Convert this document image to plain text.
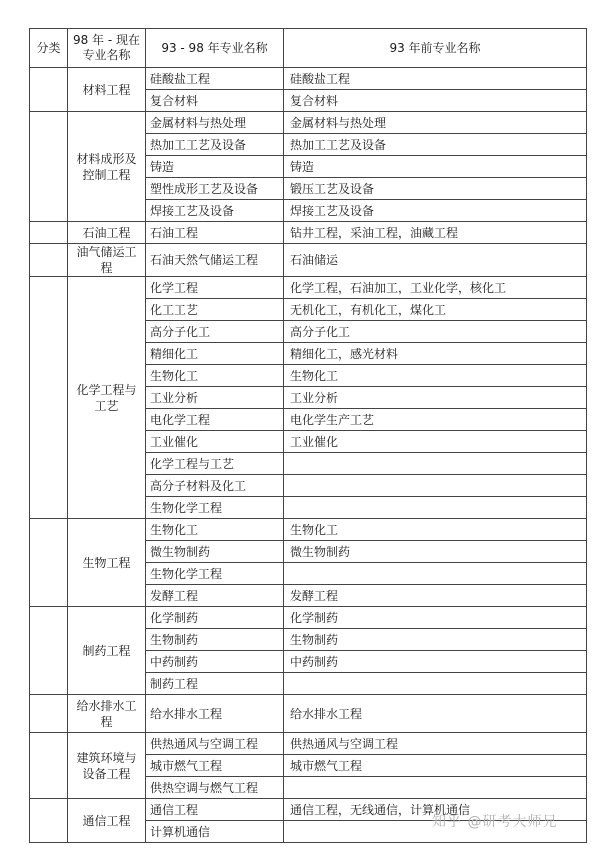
分类	98 年 - 现在 专业名称	93 - 98 年专业名称	93 年前专业名称
	材料工程	硅酸盐工程	硅酸盐工程
		复合材料	复合材料
	材料成形及控制工程	金属材料与热处理	金属材料与热处理
		热加工工艺及设备	热加工工艺及设备
		铸造	铸造
		塑性成形工艺及设备	锻压工艺及设备
		焊接工艺及设备	焊接工艺及设备
	石油工程	石油工程	钻井工程，采油工程，油藏工程
	油气储运工程	石油天然气储运工程	石油储运
	化学工程与工艺	化学工程	化学工程，石油加工，工业化学，核化工
		化工工艺	无机化工，有机化工，煤化工
		高分子化工	高分子化工
		精细化工	精细化工，感光材料
		生物化工	生物化工
		工业分析	工业分析
		电化学工程	电化学生产工艺
		工业催化	工业催化
		化学工程与工艺	
		高分子材料及化工	
		生物化学工程	
	生物工程	生物化工	生物化工
		微生物制药	微生物制药
		生物化学工程	
		发酵工程	发酵工程
	制药工程	化学制药	化学制药
		生物制药	生物制药
		中药制药	中药制药
		制药工程	
	给水排水工程	给水排水工程	给水排水工程
	建筑环境与设备工程	供热通风与空调工程	供热通风与空调工程
		城市燃气工程	城市燃气工程
		供热空调与燃气工程	
	通信工程	通信工程	通信工程，无线通信，计算机通信
		计算机通信	
知乎 @研考大师兄
